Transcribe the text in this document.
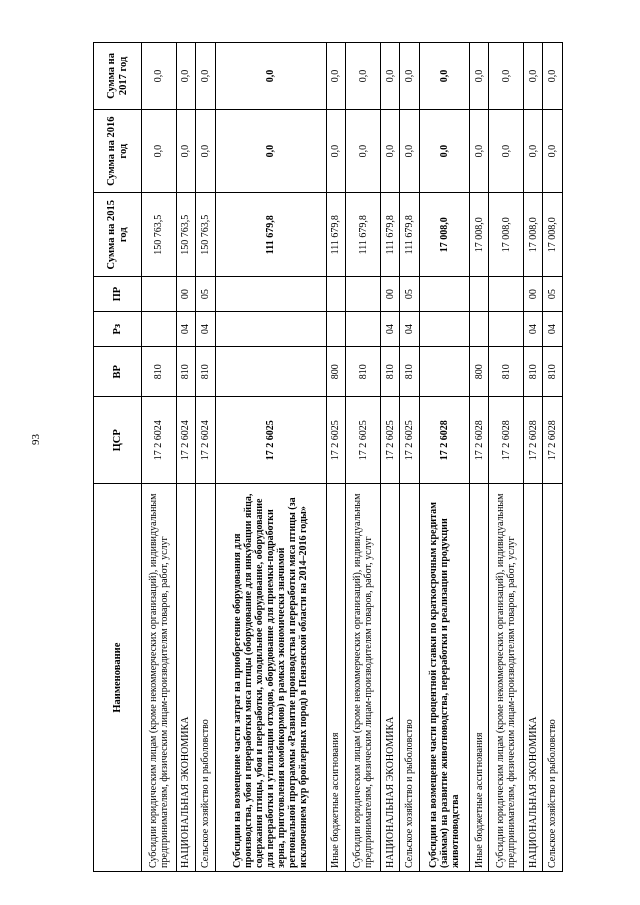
93
Наименование	ЦСР	ВР	Рз	ПР	Сумма на 2015 год	Сумма на 2016 год	Сумма на 2017 год
Субсидии юридическим лицам (кроме некоммерческих организаций), индивидуальным предпринимателям, физическим лицам-производителям товаров, работ, услуг	17 2 6024	810			150 763,5	0,0	0,0
НАЦИОНАЛЬНАЯ ЭКОНОМИКА	17 2 6024	810	04	00	150 763,5	0,0	0,0
Сельское хозяйство и рыболовство	17 2 6024	810	04	05	150 763,5	0,0	0,0
Субсидии на возмещение части затрат на приобретение оборудования для производства, убоя и переработки мяса птицы (оборудование для инкубации яйца, содержания птицы, убоя и переработки, холодильное оборудование, оборудование для переработки и утилизации отходов, оборудование для приемки-подработки зерна, приготовления комбикормов) в рамках экономически значимой региональной программы «Развитие производства и переработки мяса птицы (за исключением кур бройлерных пород) в Пензенской области на 2014–2016 годы»	17 2 6025				111 679,8	0,0	0,0
Иные бюджетные ассигнования	17 2 6025	800			111 679,8	0,0	0,0
Субсидии юридическим лицам (кроме некоммерческих организаций), индивидуальным предпринимателям, физическим лицам-производителям товаров, работ, услуг	17 2 6025	810			111 679,8	0,0	0,0
НАЦИОНАЛЬНАЯ ЭКОНОМИКА	17 2 6025	810	04	00	111 679,8	0,0	0,0
Сельское хозяйство и рыболовство	17 2 6025	810	04	05	111 679,8	0,0	0,0
Субсидии на возмещение части процентной ставки по краткосрочным кредитам (займам) на развитие животноводства, переработки и реализации продукции животноводства	17 2 6028				17 008,0	0,0	0,0
Иные бюджетные ассигнования	17 2 6028	800			17 008,0	0,0	0,0
Субсидии юридическим лицам (кроме некоммерческих организаций), индивидуальным предпринимателям, физическим лицам-производителям товаров, работ, услуг	17 2 6028	810			17 008,0	0,0	0,0
НАЦИОНАЛЬНАЯ ЭКОНОМИКА	17 2 6028	810	04	00	17 008,0	0,0	0,0
Сельское хозяйство и рыболовство	17 2 6028	810	04	05	17 008,0	0,0	0,0
